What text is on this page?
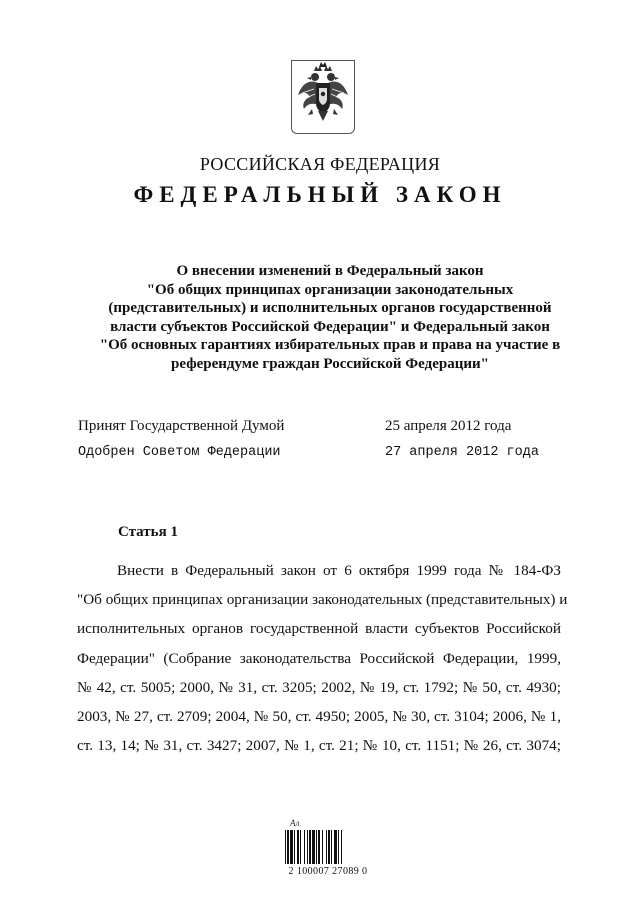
РОССИЙСКАЯ ФЕДЕРАЦИЯ
ФЕДЕРАЛЬНЫЙ ЗАКОН
О внесении изменений в Федеральный закон
"Об общих принципах организации законодательных
(представительных) и исполнительных органов государственной
власти субъектов Российской Федерации" и Федеральный закон
"Об основных гарантиях избирательных прав и права на участие в
референдуме граждан Российской Федерации"
Принят Государственной Думой	25 апреля 2012 года
Одобрен Советом Федерации	27 апреля 2012 года
Статья 1
Внести в Федеральный закон от 6 октября 1999 года № 184-ФЗ
"Об общих принципах организации законодательных (представительных) и
исполнительных органов государственной власти субъектов Российской
Федерации" (Собрание законодательства Российской Федерации, 1999,
№ 42, ст. 5005; 2000, № 31, ст. 3205; 2002, № 19, ст. 1792; № 50, ст. 4930;
2003, № 27, ст. 2709; 2004, № 50, ст. 4950; 2005, № 30, ст. 3104; 2006, № 1,
ст. 13, 14; № 31, ст. 3427; 2007, № 1, ст. 21; № 10, ст. 1151; № 26, ст. 3074;
Ал
2 100007 27089 0
